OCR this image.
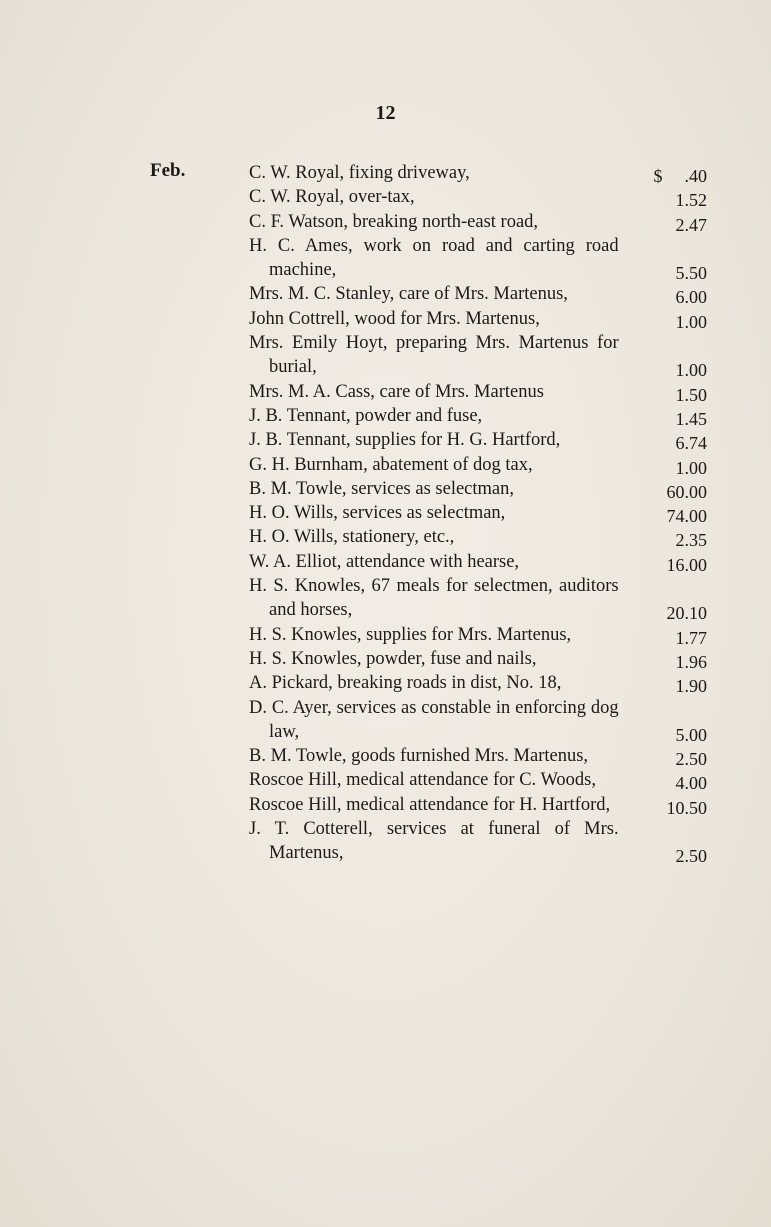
12
Feb.	C. W. Royal, fixing driveway,	$ .40
C. W. Royal, over-tax,	1.52
C. F. Watson, breaking north-east road,	2.47
H. C. Ames, work on road and carting road machine,	5.50
Mrs. M. C. Stanley, care of Mrs. Martenus,	6.00
John Cottrell, wood for Mrs. Martenus,	1.00
Mrs. Emily Hoyt, preparing Mrs. Martenus for burial,	1.00
Mrs. M. A. Cass, care of Mrs. Martenus	1.50
J. B. Tennant, powder and fuse,	1.45
J. B. Tennant, supplies for H. G. Hartford,	6.74
G. H. Burnham, abatement of dog tax,	1.00
B. M. Towle, services as selectman,	60.00
H. O. Wills, services as selectman,	74.00
H. O. Wills, stationery, etc.,	2.35
W. A. Elliot, attendance with hearse,	16.00
H. S. Knowles, 67 meals for selectmen, auditors and horses,	20.10
H. S. Knowles, supplies for Mrs. Martenus,	1.77
H. S. Knowles, powder, fuse and nails,	1.96
A. Pickard, breaking roads in dist, No. 18,	1.90
D. C. Ayer, services as constable in enforcing dog law,	5.00
B. M. Towle, goods furnished Mrs. Martenus,	2.50
Roscoe Hill, medical attendance for C. Woods,	4.00
Roscoe Hill, medical attendance for H. Hartford,	10.50
J. T. Cotterell, services at funeral of Mrs. Martenus,	2.50
